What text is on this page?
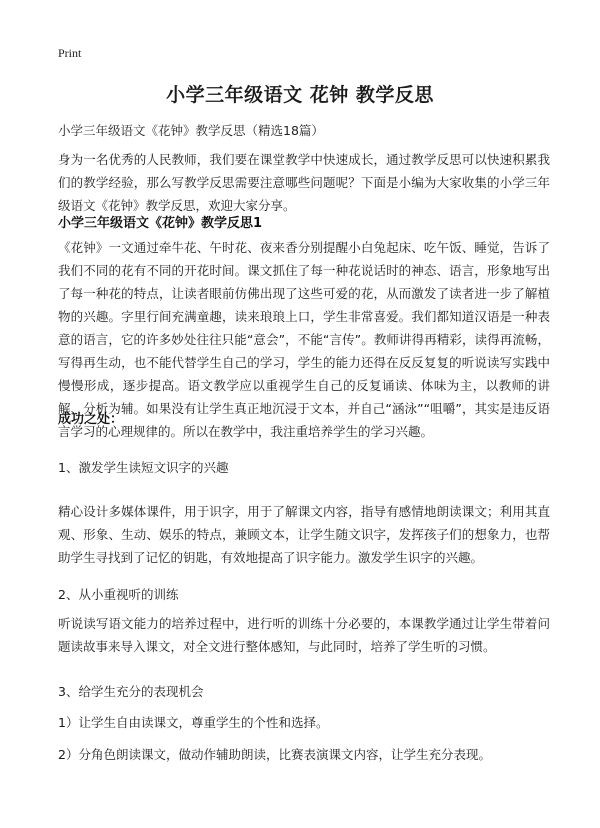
Print
小学三年级语文 花钟 教学反思
小学三年级语文《花钟》教学反思（精选18篇）
身为一名优秀的人民教师，我们要在课堂教学中快速成长，通过教学反思可以快速积累我们的教学经验，那么写教学反思需要注意哪些问题呢？下面是小编为大家收集的小学三年级语文《花钟》教学反思，欢迎大家分享。
小学三年级语文《花钟》教学反思1
《花钟》一文通过牵牛花、午时花、夜来香分别提醒小白兔起床、吃午饭、睡觉，告诉了我们不同的花有不同的开花时间。课文抓住了每一种花说话时的神态、语言，形象地写出了每一种花的特点，让读者眼前仿佛出现了这些可爱的花，从而激发了读者进一步了解植物的兴趣。字里行间充满童趣，读来琅琅上口，学生非常喜爱。我们都知道汉语是一种表意的语言，它的许多妙处往往只能“意会”，不能“言传”。教师讲得再精彩，读得再流畅，写得再生动，也不能代替学生自己的学习，学生的能力还得在反反复复的听说读写实践中慢慢形成，逐步提高。语文教学应以重视学生自己的反复诵读、体味为主，以教师的讲解、分析为辅。如果没有让学生真正地沉浸于文本，并自己“涵泳”“咀嚼”，其实是违反语言学习的心理规律的。所以在教学中，我注重培养学生的学习兴趣。
成功之处：
1、激发学生读短文识字的兴趣
精心设计多媒体课件，用于识字，用于了解课文内容，指导有感情地朗读课文；利用其直观、形象、生动、娱乐的特点，兼顾文本，让学生随文识字，发挥孩子们的想象力，也帮助学生寻找到了记忆的钥匙，有效地提高了识字能力。激发学生识字的兴趣。
2、从小重视听的训练
听说读写语文能力的培养过程中，进行听的训练十分必要的，本课教学通过让学生带着问题读故事来导入课文，对全文进行整体感知，与此同时，培养了学生听的习惯。
3、给学生充分的表现机会
1）让学生自由读课文，尊重学生的个性和选择。
2）分角色朗读课文，做动作辅助朗读，比赛表演课文内容，让学生充分表现。
